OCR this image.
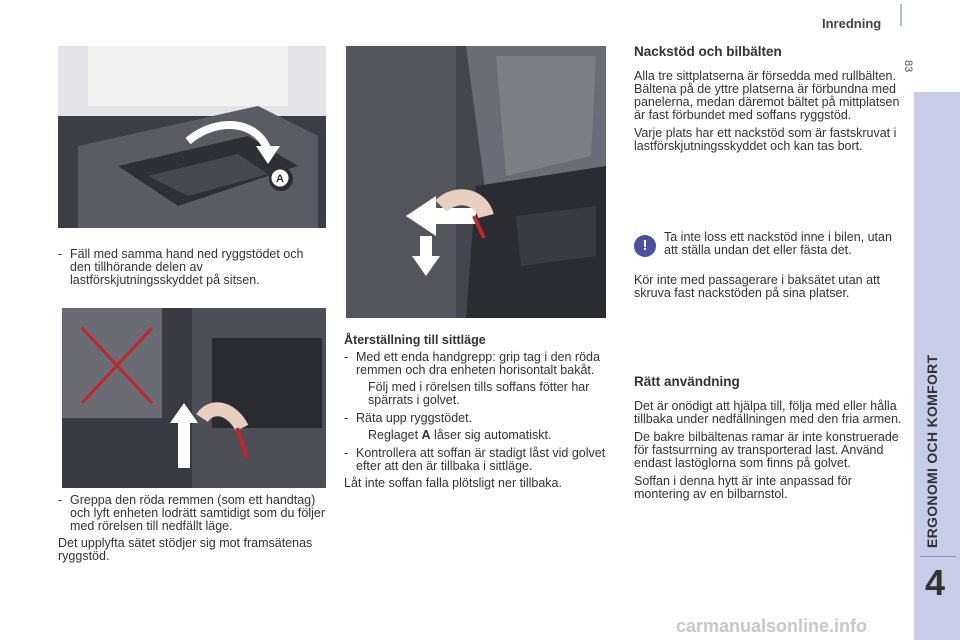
Inredning
83
ERGONOMI OCH KOMFORT
4
A
- Fäll med samma hand ned ryggstödet och den tillhörande delen av lastförskjutningsskyddet på sitsen.
- Greppa den röda remmen (som ett handtag) och lyft enheten lodrätt samtidigt som du följer med rörelsen till nedfällt läge.

Det upplyfta sätet stödjer sig mot framsätenas ryggstöd.

Återställning till sittläge
- Med ett enda handgrepp: grip tag i den röda remmen och dra enheten horisontalt bakåt.

Följ med i rörelsen tills soffans fötter har spärrats i golvet.

- Räta upp ryggstödet.

Reglaget A låser sig automatiskt.

- Kontrollera att soffan är stadigt låst vid golvet efter att den är tillbaka i sittläge.

Låt inte soffan falla plötsligt ner tillbaka.

Nackstöd och bilbälten

Alla tre sittplatserna är försedda med rullbälten. Bältena på de yttre platserna är förbundna med panelerna, medan däremot bältet på mittplatsen är fast förbundet med soffans ryggstöd.

Varje plats har ett nackstöd som är fastskruvat i lastförskjutningsskyddet och kan tas bort.

!	Ta inte loss ett nackstöd inne i bilen, utan att ställa undan det eller fästa det.

Kör inte med passagerare i baksätet utan att skruva fast nackstöden på sina platser.

Rätt användning

Det är onödigt att hjälpa till, följa med eller hålla tillbaka under nedfällningen med den fria armen.

De bakre bilbältenas ramar är inte konstruerade för fastsurrning av transporterad last. Använd endast lastöglorna som finns på golvet.

Soffan i denna hytt är inte anpassad för montering av en bilbarnstol.

carmanualsonline.info
